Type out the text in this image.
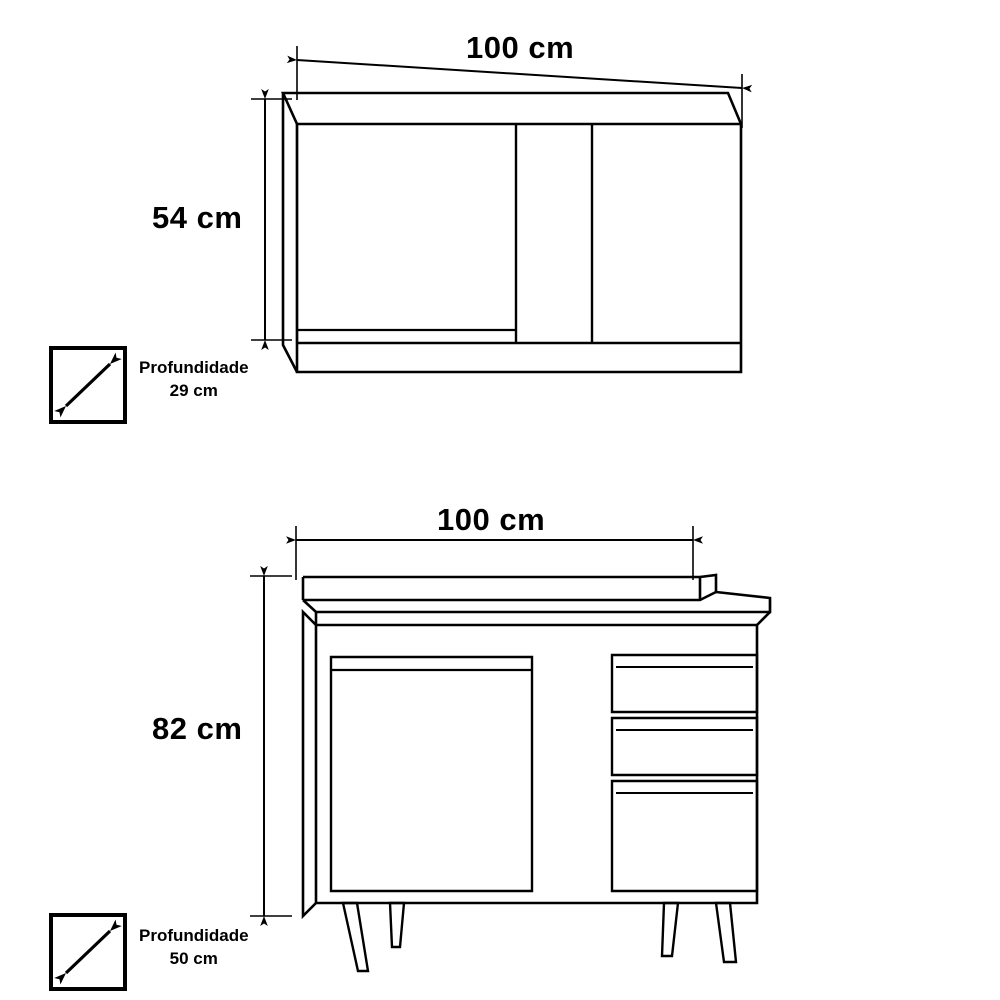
100 cm
54 cm
Profundidade
29 cm
100 cm
82 cm
Profundidade
50 cm
